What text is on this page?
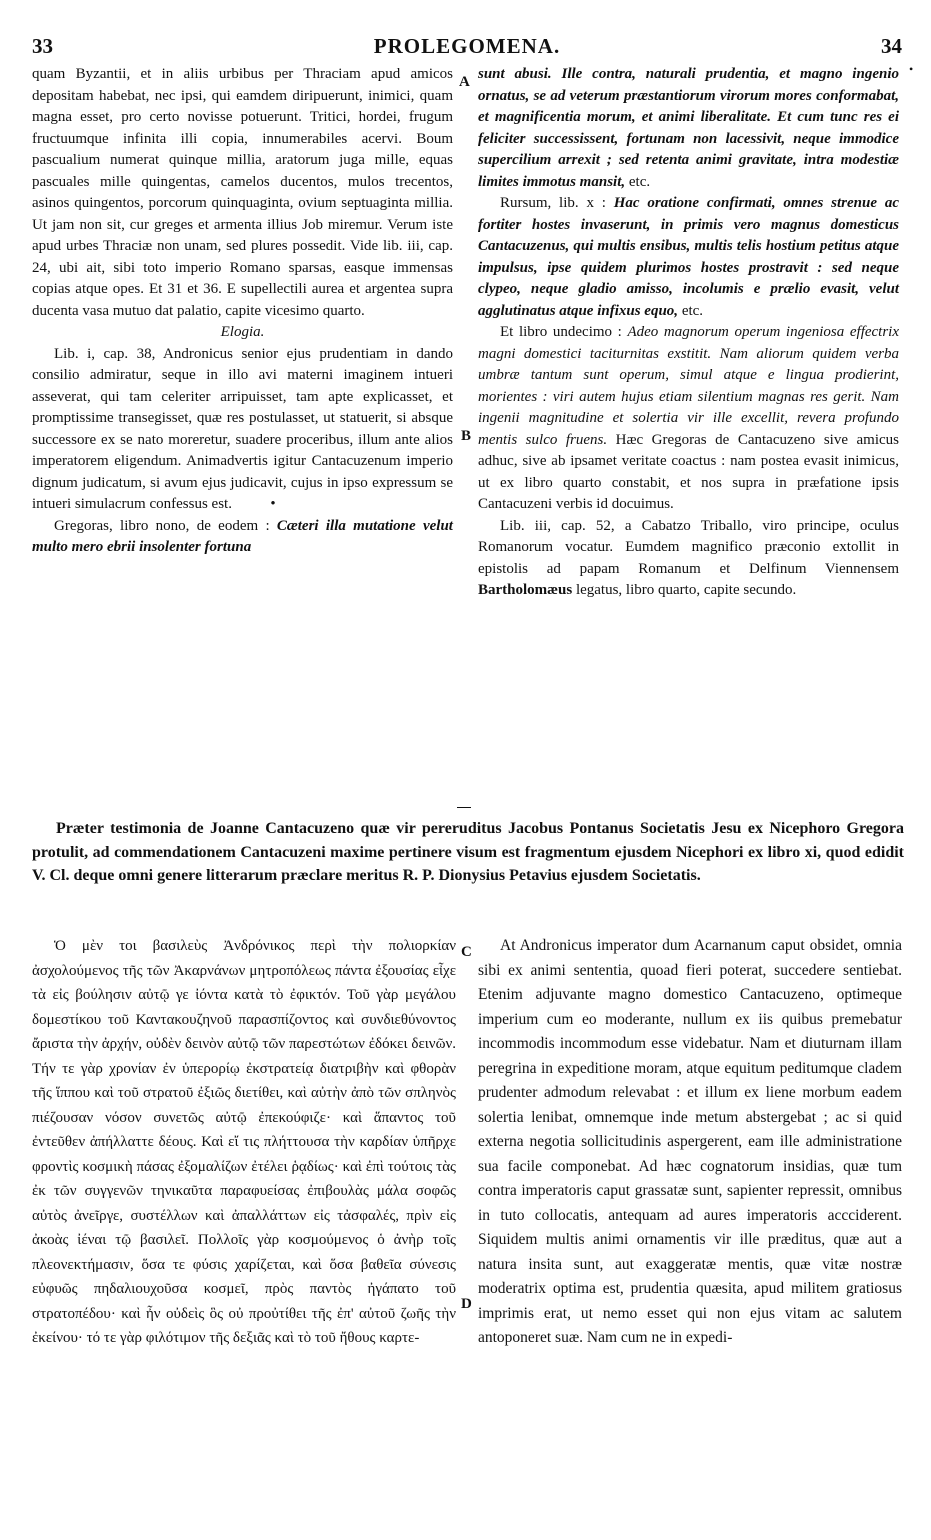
33	PROLEGOMENA.	34
•
A
B
C
D

quam Byzantii, et in aliis urbibus per Thraciam apud amicos depositam habebat, nec ipsi, qui eamdem diripuerunt, inimici, quam magna esset, pro certo novisse potuerunt. Tritici, hordei, frugum fructuumque infinita illi copia, innumerabiles acervi. Boum pascualium numerat quinque millia, aratorum juga mille, equas pascuales mille quingentas, camelos ducentos, mulos trecentos, asinos quingentos, porcorum quinquaginta, ovium septuaginta millia. Ut jam non sit, cur greges et armenta illius Job miremur. Verum iste apud urbes Thraciæ non unam, sed plures possedit. Vide lib. iii, cap. 24, ubi ait, sibi toto imperio Romano sparsas, easque immensas copias atque opes. Et 31 et 36. E supellectili aurea et argentea supra ducenta vasa mutuo dat palatio, capite vicesimo quarto.

Elogia.

Lib. i, cap. 38, Andronicus senior ejus prudentiam in dando consilio admiratur, seque in illo avi materni imaginem intueri asseverat, qui tam celeriter arripuisset, tam apte explicasset, et promptissime transegisset, quæ res postulasset, ut statuerit, si absque successore ex se nato moreretur, suadere proceribus, illum ante alios imperatorem eligendum. Animadvertis igitur Cantacuzenum imperio dignum judicatum, si avum ejus judicavit, cujus in ipso expressum se intueri simulacrum confessus est.	•

Gregoras, libro nono, de eodem : Cæteri illa mutatione velut multo mero ebrii insolenter fortuna

sunt abusi. Ille contra, naturali prudentia, et magno ingenio ornatus, se ad veterum præstantiorum virorum mores conformabat, et magnificentia morum, et animi liberalitate. Et cum tunc res ei feliciter successissent, fortunam non lacessivit, neque immodice supercilium arrexit ; sed retenta animi gravitate, intra modestiæ limites immotus mansit, etc.

Rursum, lib. x : Hac oratione confirmati, omnes strenue ac fortiter hostes invaserunt, in primis vero magnus domesticus Cantacuzenus, qui multis ensibus, multis telis hostium petitus atque impulsus, ipse quidem plurimos hostes prostravit : sed neque clypeo, neque gladio amisso, incolumis e prælio evasit, velut agglutinatus atque infixus equo, etc.

Et libro undecimo : Adeo magnorum operum ingeniosa effectrix magni domestici taciturnitas exstitit. Nam aliorum quidem verba umbræ tantum sunt operum, simul atque e lingua prodierint, morientes : viri autem hujus etiam silentium magnas res gerit. Nam ingenii magnitudine et solertia vir ille excellit, revera profundo mentis sulco fruens. Hæc Gregoras de Cantacuzeno sive amicus adhuc, sive ab ipsamet veritate coactus : nam postea evasit inimicus, ut ex libro quarto constabit, et nos supra in præfatione ipsis Cantacuzeni verbis id docuimus.

Lib. iii, cap. 52, a Cabatzo Triballo, viro principe, oculus Romanorum vocatur. Eumdem magnifico præconio extollit in epistolis ad papam Romanum et Delfinum Viennensem Bartholomæus legatus, libro quarto, capite secundo.

Præter testimonia de Joanne Cantacuzeno quæ vir pereruditus Jacobus Pontanus Societatis Jesu ex Nicephoro Gregora protulit, ad commendationem Cantacuzeni maxime pertinere visum est fragmentum ejusdem Nicephori ex libro xi, quod edidit V. Cl. deque omni genere litterarum præclare meritus R. P. Dionysius Petavius ejusdem Societatis.

Ὁ μὲν τοι βασιλεὺς Ἀνδρόνικος περὶ τὴν πολιορκίαν ἀσχολούμενος τῆς τῶν Ἀκαρνάνων μητροπόλεως πάντα ἐξουσίας εἶχε τὰ εἰς βούλησιν αὐτῷ γε ἰόντα κατὰ τὸ ἐφικτόν. Τοῦ γὰρ μεγάλου δομεστίκου τοῦ Καντακουζηνοῦ παρασπίζοντος καὶ συνδιεθύνοντος ἄριστα τὴν ἀρχήν, οὐδὲν δεινὸν αὐτῷ τῶν παρεστώτων ἐδόκει δεινῶν. Τήν τε γὰρ χρονίαν ἐν ὑπερορίῳ ἐκστρατείᾳ διατριβὴν καὶ φθορὰν τῆς ἵππου καὶ τοῦ στρατοῦ ἐξιῶς διετίθει, καὶ αὐτὴν ἀπὸ τῶν σπληνὸς πιέζουσαν νόσον συνετῶς αὐτῷ ἐπεκούφιζε· καὶ ἅπαντος τοῦ ἐντεῦθεν ἀπήλλαττε δέους. Καὶ εἴ τις πλήττουσα τὴν καρδίαν ὑπῆρχε φροντὶς κοσμικὴ πάσας ἐξομαλίζων ἐτέλει ῥᾳδίως· καὶ ἐπὶ τούτοις τὰς ἐκ τῶν συγγενῶν τηνικαῦτα παραφυείσας ἐπιβουλὰς μάλα σοφῶς αὐτὸς ἀνεῖργε, συστέλλων καὶ ἀπαλλάττων εἰς τἀσφαλές, πρὶν εἰς ἀκοὰς ἰέναι τῷ βασιλεῖ. Πολλοῖς γὰρ κοσμούμενος ὁ ἀνὴρ τοῖς πλεονεκτήμασιν, ὅσα τε φύσις χαρίζεται, καὶ ὅσα βαθεῖα σύνεσις εὐφυῶς πηδαλιουχοῦσα κοσμεῖ, πρὸς παντὸς ἠγάπατο τοῦ στρατοπέδου· καὶ ἦν οὐδεὶς ὃς οὐ προὐτίθει τῆς ἐπ' αὐτοῦ ζωῆς τὴν ἐκείνου· τό τε γὰρ φιλότιμον τῆς δεξιᾶς καὶ τὸ τοῦ ἤθους καρτε-

At Andronicus imperator dum Acarnanum caput obsidet, omnia sibi ex animi sententia, quoad fieri poterat, succedere sentiebat. Etenim adjuvante magno domestico Cantacuzeno, optimeque imperium cum eo moderante, nullum ex iis quibus premebatur incommodis incommodum esse videbatur. Nam et diuturnam illam peregrina in expeditione moram, atque equitum peditumque cladem prudenter admodum relevabat : et illum ex liene morbum eadem solertia lenibat, omnemque inde metum abstergebat ; ac si quid externa negotia sollicitudinis aspergerent, eam ille administratione sua facile componebat. Ad hæc cognatorum insidias, quæ tum contra imperatoris caput grassatæ sunt, sapienter repressit, omnibus in tuto collocatis, antequam ad aures imperatoris accciderent. Siquidem multis animi ornamentis vir ille præditus, quæ aut a natura insita sunt, aut exaggeratæ mentis, quæ vitæ nostræ moderatrix optima est, prudentia quæsita, apud militem gratiosus imprimis erat, ut nemo esset qui non ejus vitam ac salutem antoponeret suæ. Nam cum ne in expedi-
